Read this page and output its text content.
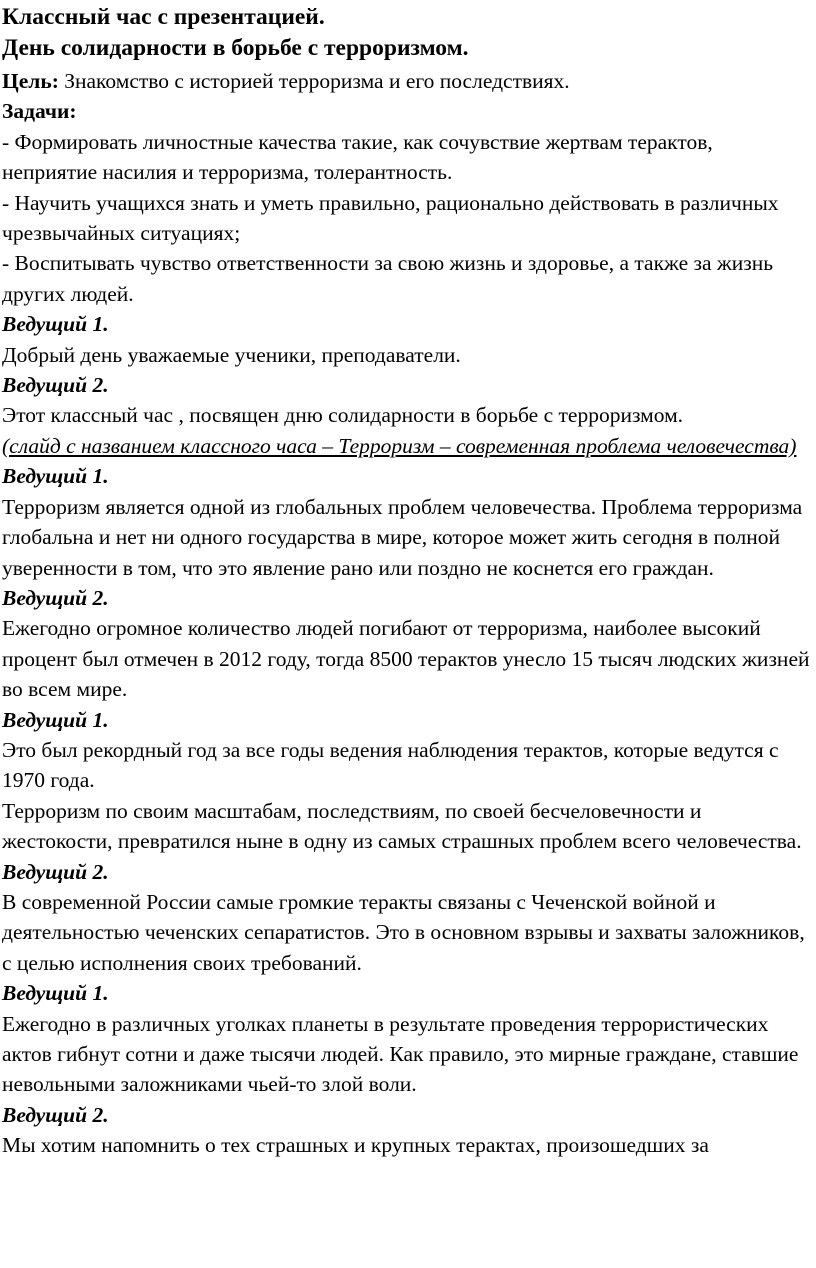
Классный час с презентацией.

День солидарности в борьбе с терроризмом.

Цель: Знакомство с историей терроризма и его последствиях.

Задачи:

- Формировать личностные качества такие, как сочувствие жертвам терактов, неприятие насилия и терроризма, толерантность.

- Научить учащихся знать и уметь правильно, рационально действовать в различных чрезвычайных ситуациях;

- Воспитывать чувство ответственности за свою жизнь и здоровье, а также за жизнь других людей.

Ведущий 1.

Добрый день уважаемые ученики, преподаватели.

Ведущий 2.

Этот классный час , посвящен дню солидарности в борьбе с терроризмом.

(слайд с названием классного часа – Терроризм – современная проблема человечества)

Ведущий 1.

Терроризм является одной из глобальных проблем человечества. Проблема терроризма глобальна и нет ни одного государства в мире, которое может жить сегодня в полной уверенности в том, что это явление рано или поздно не коснется его граждан.

Ведущий 2.

Ежегодно огромное количество людей погибают от терроризма, наиболее высокий процент был отмечен в 2012 году, тогда 8500 терактов унесло 15 тысяч людских жизней во всем мире.

Ведущий 1.

Это был рекордный год за все годы ведения наблюдения терактов, которые ведутся с 1970 года.

Терроризм по своим масштабам, последствиям, по своей бесчеловечности и жестокости, превратился ныне в одну из самых страшных проблем всего человечества.

Ведущий 2.

В современной России самые громкие теракты связаны с Чеченской войной и деятельностью чеченских сепаратистов. Это в основном взрывы и захваты заложников, с целью исполнения своих требований.

Ведущий 1.

Ежегодно в различных уголках планеты в результате проведения террористических актов гибнут сотни и даже тысячи людей. Как правило, это мирные граждане, ставшие невольными заложниками чьей-то злой воли.

Ведущий 2.

Мы хотим напомнить о тех страшных и крупных терактах, произошедших за
